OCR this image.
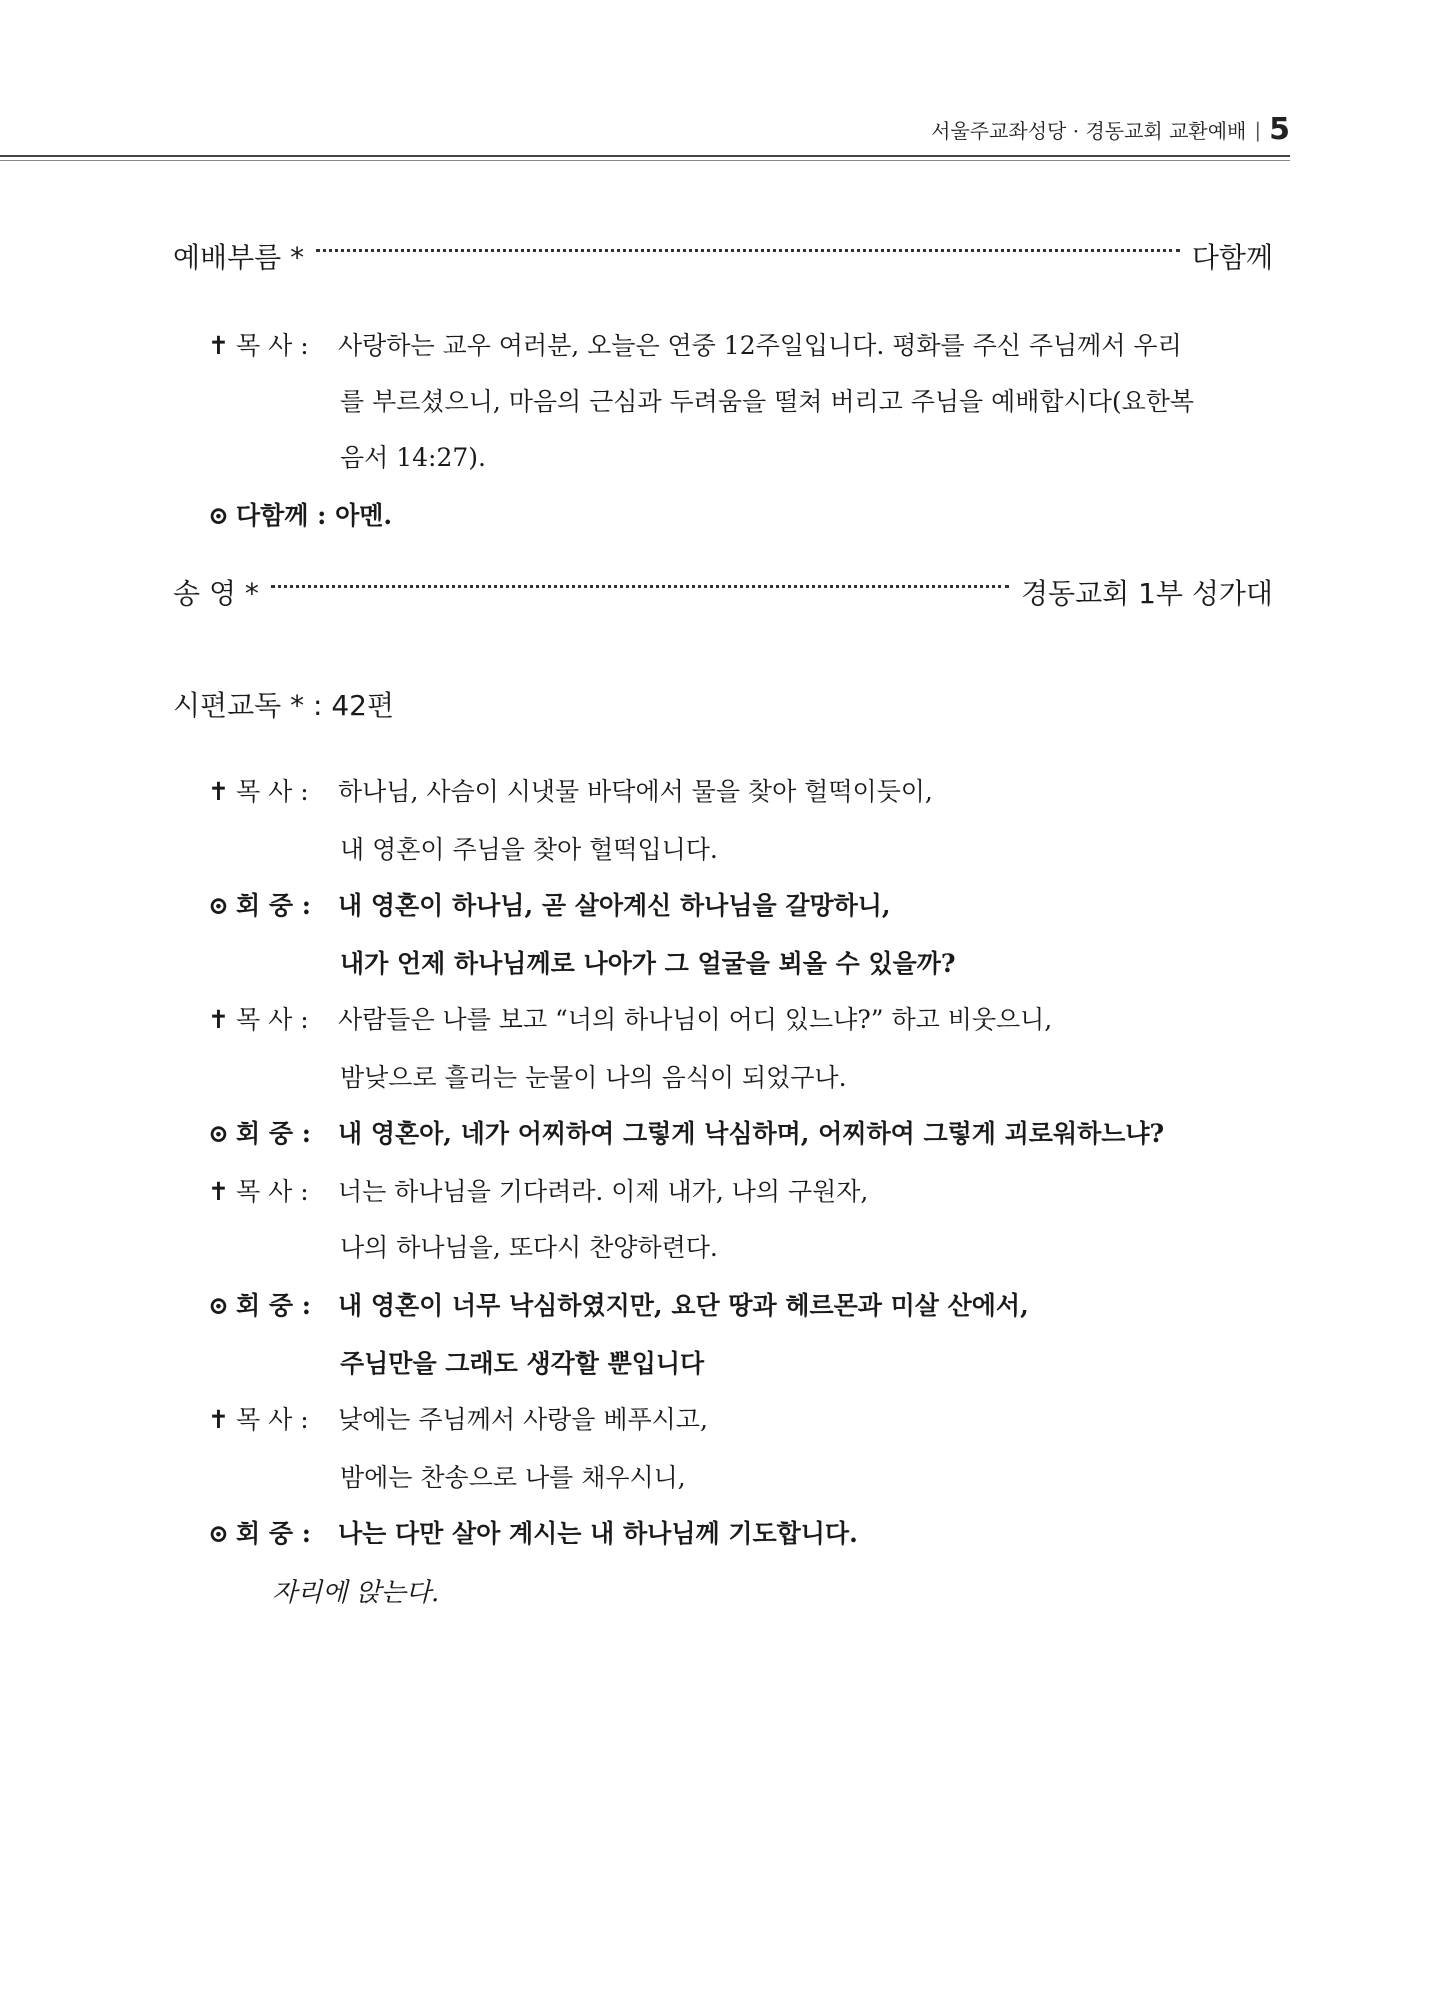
서울주교좌성당 · 경동교회 교환예배 | 5
예배부름 *	다함께
✝ 목 사 : 사랑하는 교우 여러분, 오늘은 연중 12주일입니다. 평화를 주신 주님께서 우리
를 부르셨으니, 마음의 근심과 두려움을 떨쳐 버리고 주님을 예배합시다(요한복
음서 14:27).
⊙ 다함께 : 아멘.
송 영 *	경동교회 1부 성가대
시편교독 * : 42편
✝ 목 사 : 하나님, 사슴이 시냇물 바닥에서 물을 찾아 헐떡이듯이,
내 영혼이 주님을 찾아 헐떡입니다.
⊙ 회 중 : 내 영혼이 하나님, 곧 살아계신 하나님을 갈망하니,
내가 언제 하나님께로 나아가 그 얼굴을 뵈올 수 있을까?
✝ 목 사 : 사람들은 나를 보고 “너의 하나님이 어디 있느냐?” 하고 비웃으니,
밤낮으로 흘리는 눈물이 나의 음식이 되었구나.
⊙ 회 중 : 내 영혼아, 네가 어찌하여 그렇게 낙심하며, 어찌하여 그렇게 괴로워하느냐?
✝ 목 사 : 너는 하나님을 기다려라. 이제 내가, 나의 구원자,
나의 하나님을, 또다시 찬양하련다.
⊙ 회 중 : 내 영혼이 너무 낙심하였지만, 요단 땅과 헤르몬과 미살 산에서,
주님만을 그래도 생각할 뿐입니다
✝ 목 사 : 낮에는 주님께서 사랑을 베푸시고,
밤에는 찬송으로 나를 채우시니,
⊙ 회 중 : 나는 다만 살아 계시는 내 하나님께 기도합니다.
자리에 앉는다.
